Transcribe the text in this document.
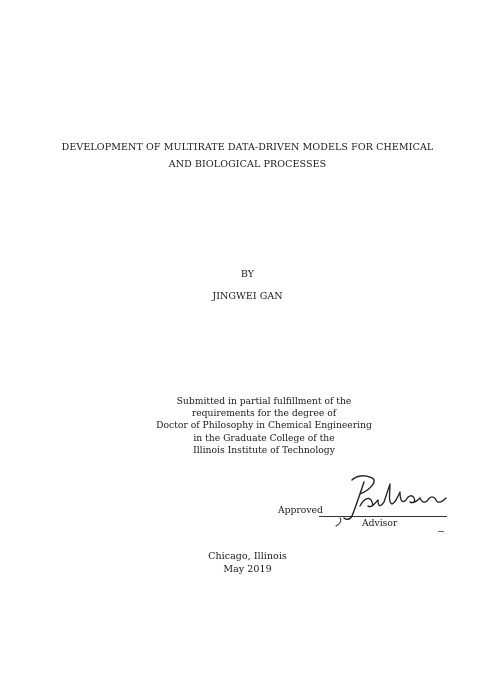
DEVELOPMENT OF MULTIRATE DATA-DRIVEN MODELS FOR CHEMICAL
AND BIOLOGICAL PROCESSES
BY
JINGWEI GAN
Submitted in partial fulfillment of the
requirements for the degree of
Doctor of Philosophy in Chemical Engineering
in the Graduate College of the
Illinois Institute of Technology
Approved
Advisor
Chicago, Illinois
May 2019
